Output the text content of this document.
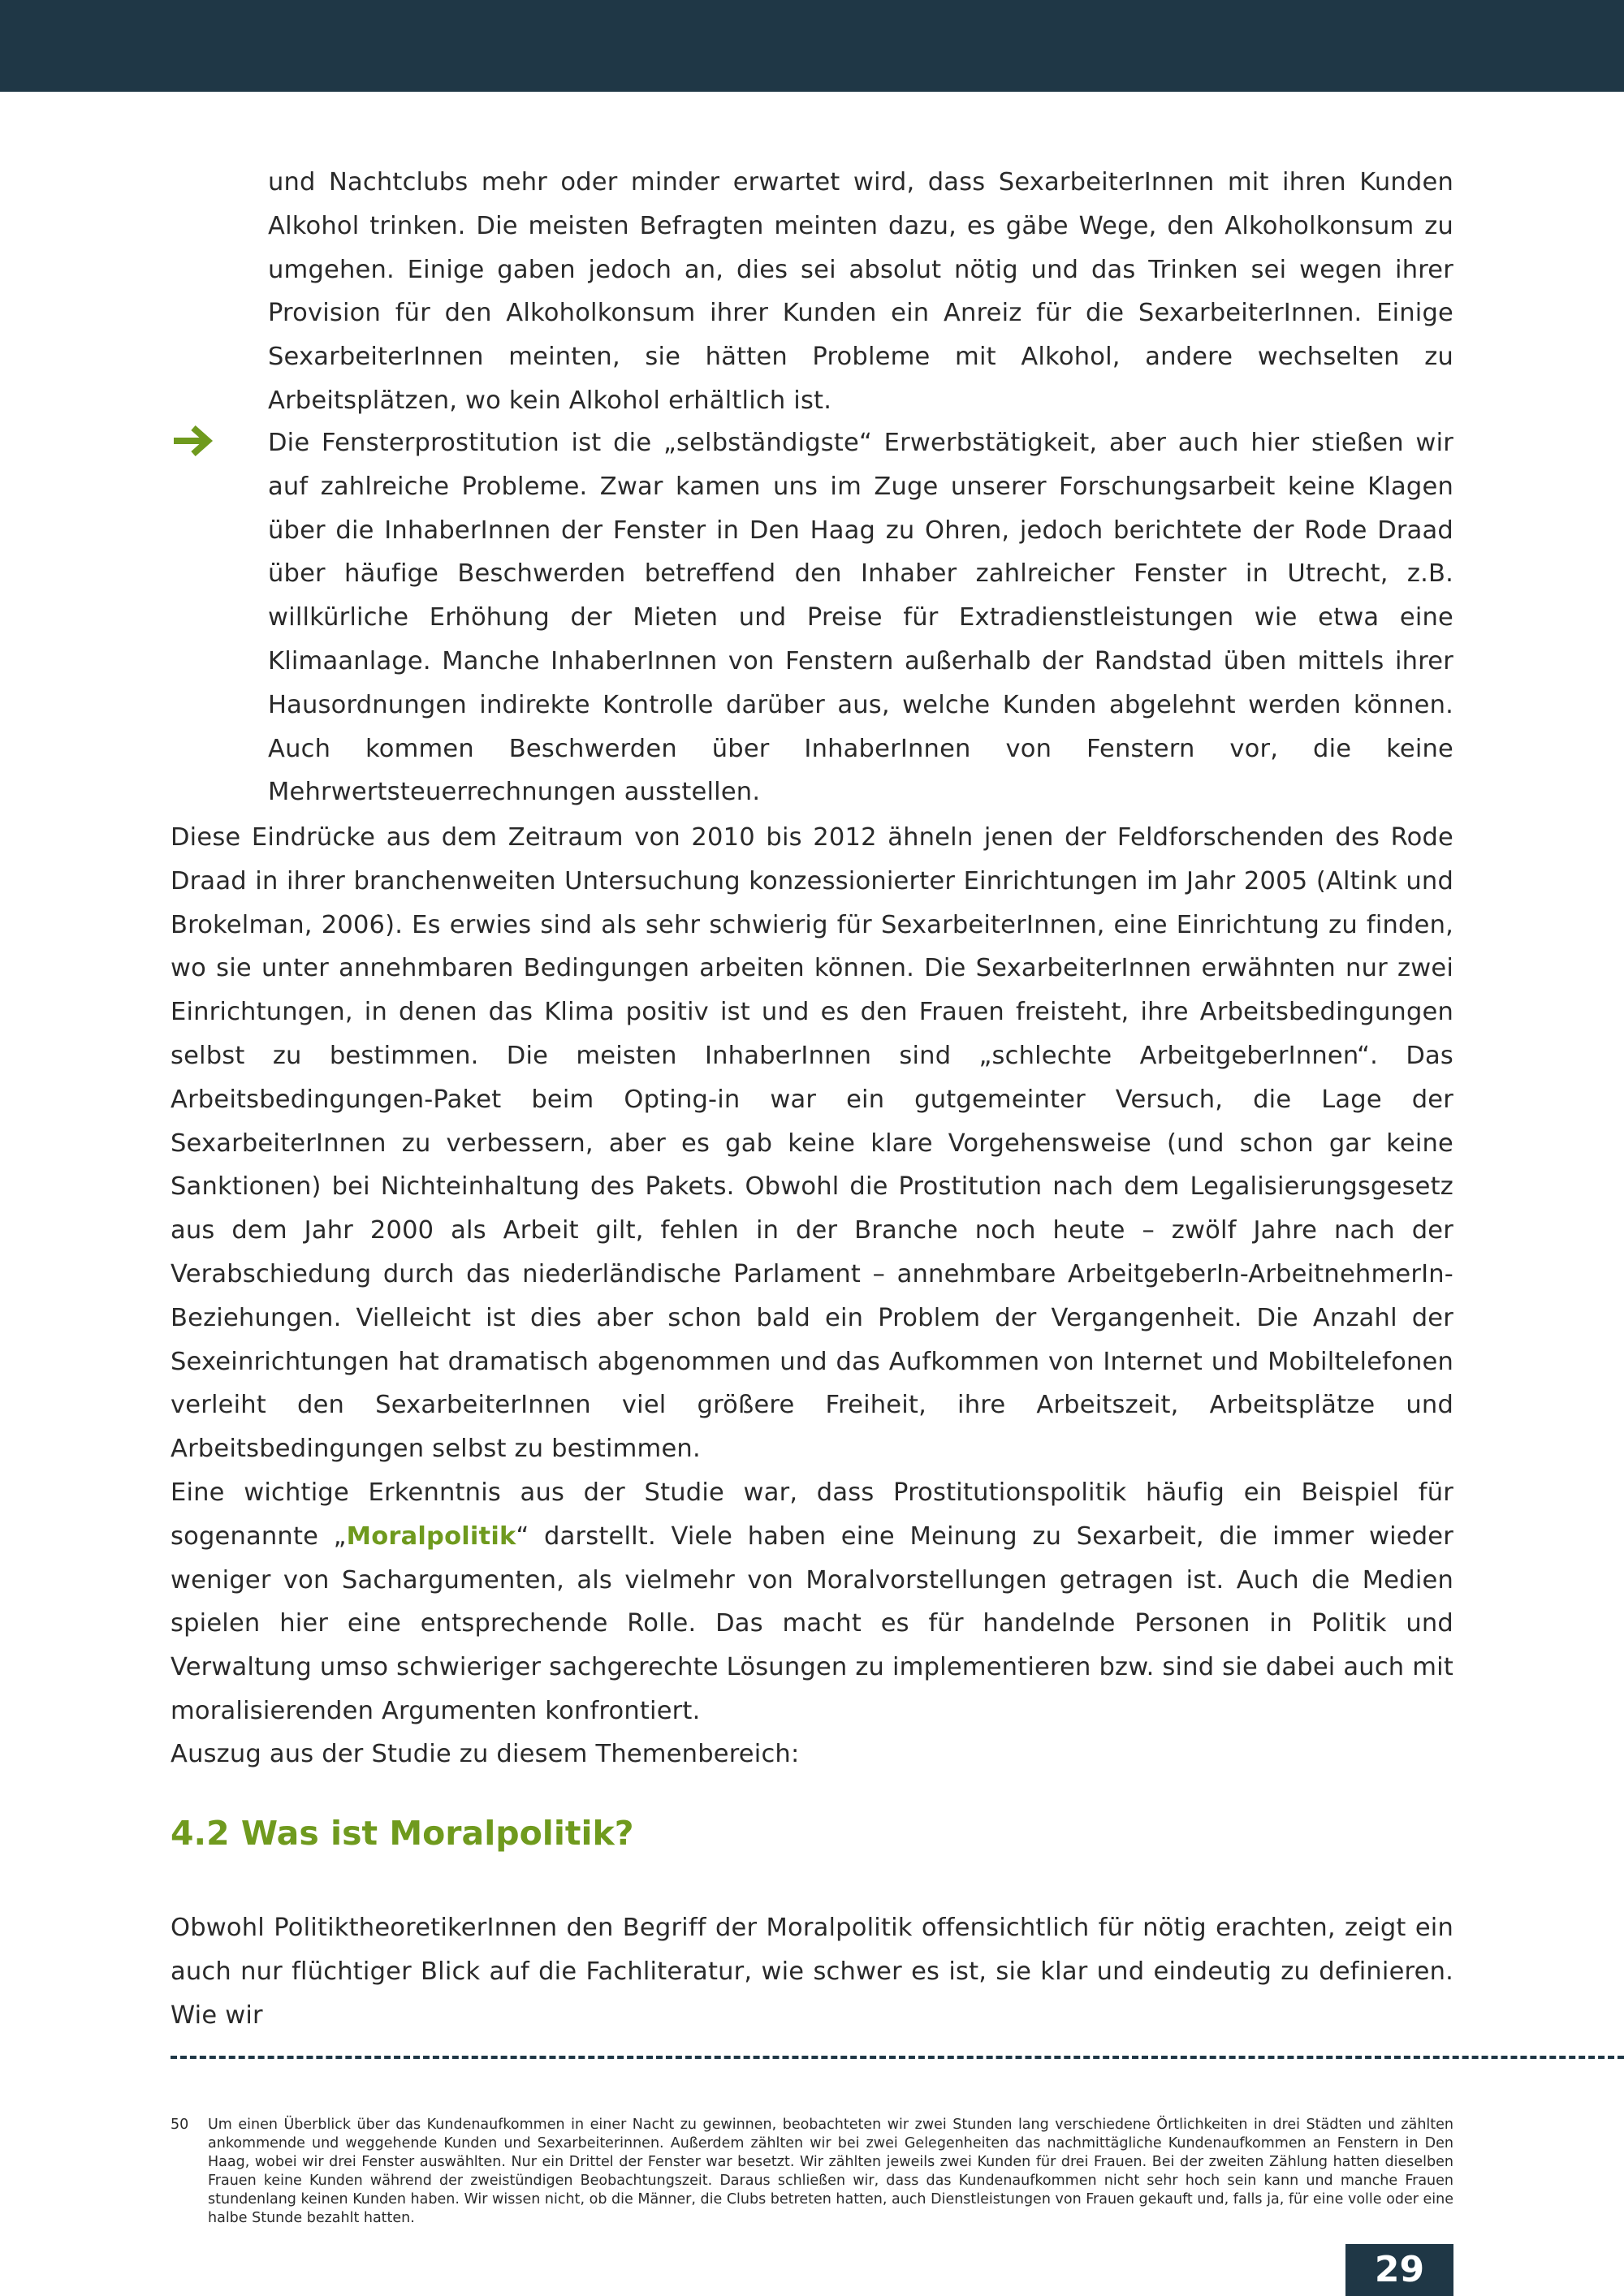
und Nachtclubs mehr oder minder erwartet wird, dass SexarbeiterInnen mit ihren Kunden Alkohol trinken. Die meisten Befragten meinten dazu, es gäbe Wege, den Alkoholkonsum zu umgehen. Einige gaben jedoch an, dies sei absolut nötig und das Trinken sei wegen ihrer Provision für den Alkoholkonsum ihrer Kunden ein Anreiz für die SexarbeiterInnen. Einige SexarbeiterInnen meinten, sie hätten Probleme mit Alkohol, andere wechselten zu Arbeitsplätzen, wo kein Alkohol erhältlich ist.

Die Fensterprostitution ist die „selbständigste“ Erwerbstätigkeit, aber auch hier stießen wir auf zahlreiche Probleme. Zwar kamen uns im Zuge unserer Forschungsarbeit keine Klagen über die InhaberInnen der Fenster in Den Haag zu Ohren, jedoch berichtete der Rode Draad über häufige Beschwerden betreffend den Inhaber zahlreicher Fenster in Utrecht, z.B. willkürliche Erhöhung der Mieten und Preise für Extradienstleistungen wie etwa eine Klimaanlage. Manche InhaberInnen von Fenstern außerhalb der Randstad üben mittels ihrer Hausordnungen indirekte Kontrolle darüber aus, welche Kunden abgelehnt werden können. Auch kommen Beschwerden über InhaberInnen von Fenstern vor, die keine Mehrwertsteuerrechnungen ausstellen.

Diese Eindrücke aus dem Zeitraum von 2010 bis 2012 ähneln jenen der Feldforschenden des Rode Draad in ihrer branchenweiten Untersuchung konzessionierter Einrichtungen im Jahr 2005 (Altink und Brokelman, 2006). Es erwies sind als sehr schwierig für SexarbeiterInnen, eine Einrichtung zu finden, wo sie unter annehmbaren Bedingungen arbeiten können. Die SexarbeiterInnen erwähnten nur zwei Einrichtungen, in denen das Klima positiv ist und es den Frauen freisteht, ihre Arbeitsbedingungen selbst zu bestimmen. Die meisten InhaberInnen sind „schlechte ArbeitgeberInnen“. Das Arbeitsbedingungen-Paket beim Opting-in war ein gutgemeinter Versuch, die Lage der SexarbeiterInnen zu verbessern, aber es gab keine klare Vorgehensweise (und schon gar keine Sanktionen) bei Nichteinhaltung des Pakets. Obwohl die Prostitution nach dem Legalisierungsgesetz aus dem Jahr 2000 als Arbeit gilt, fehlen in der Branche noch heute – zwölf Jahre nach der Verabschiedung durch das niederländische Parlament – annehmbare ArbeitgeberIn-ArbeitnehmerIn-Beziehungen. Vielleicht ist dies aber schon bald ein Problem der Vergangenheit. Die Anzahl der Sexeinrichtungen hat dramatisch abgenommen und das Aufkommen von Internet und Mobiltelefonen verleiht den SexarbeiterInnen viel größere Freiheit, ihre Arbeitszeit, Arbeitsplätze und Arbeitsbedingungen selbst zu bestimmen.

Eine wichtige Erkenntnis aus der Studie war, dass Prostitutionspolitik häufig ein Beispiel für sogenannte „Moralpolitik“ darstellt. Viele haben eine Meinung zu Sexarbeit, die immer wieder weniger von Sachargumenten, als vielmehr von Moralvorstellungen getragen ist. Auch die Medien spielen hier eine entsprechende Rolle. Das macht es für handelnde Personen in Politik und Verwaltung umso schwieriger sachgerechte Lösungen zu implementieren bzw. sind sie dabei auch mit moralisierenden Argumenten konfrontiert.

Auszug aus der Studie zu diesem Themenbereich:

4.2 Was ist Moralpolitik?

Obwohl PolitiktheoretikerInnen den Begriff der Moralpolitik offensichtlich für nötig erachten, zeigt ein auch nur flüchtiger Blick auf die Fachliteratur, wie schwer es ist, sie klar und eindeutig zu definieren. Wie wir

50 Um einen Überblick über das Kundenaufkommen in einer Nacht zu gewinnen, beobachteten wir zwei Stunden lang verschiedene Örtlichkeiten in drei Städten und zählten ankommende und weggehende Kunden und Sexarbeiterinnen. Außerdem zählten wir bei zwei Gelegenheiten das nachmittägliche Kundenaufkommen an Fenstern in Den Haag, wobei wir drei Fenster auswählten. Nur ein Drittel der Fenster war besetzt. Wir zählten jeweils zwei Kunden für drei Frauen. Bei der zweiten Zählung hatten dieselben Frauen keine Kunden während der zweistündigen Beobachtungszeit. Daraus schließen wir, dass das Kundenaufkommen nicht sehr hoch sein kann und manche Frauen stundenlang keinen Kunden haben. Wir wissen nicht, ob die Männer, die Clubs betreten hatten, auch Dienstleistungen von Frauen gekauft und, falls ja, für eine volle oder eine halbe Stunde bezahlt hatten.

29
